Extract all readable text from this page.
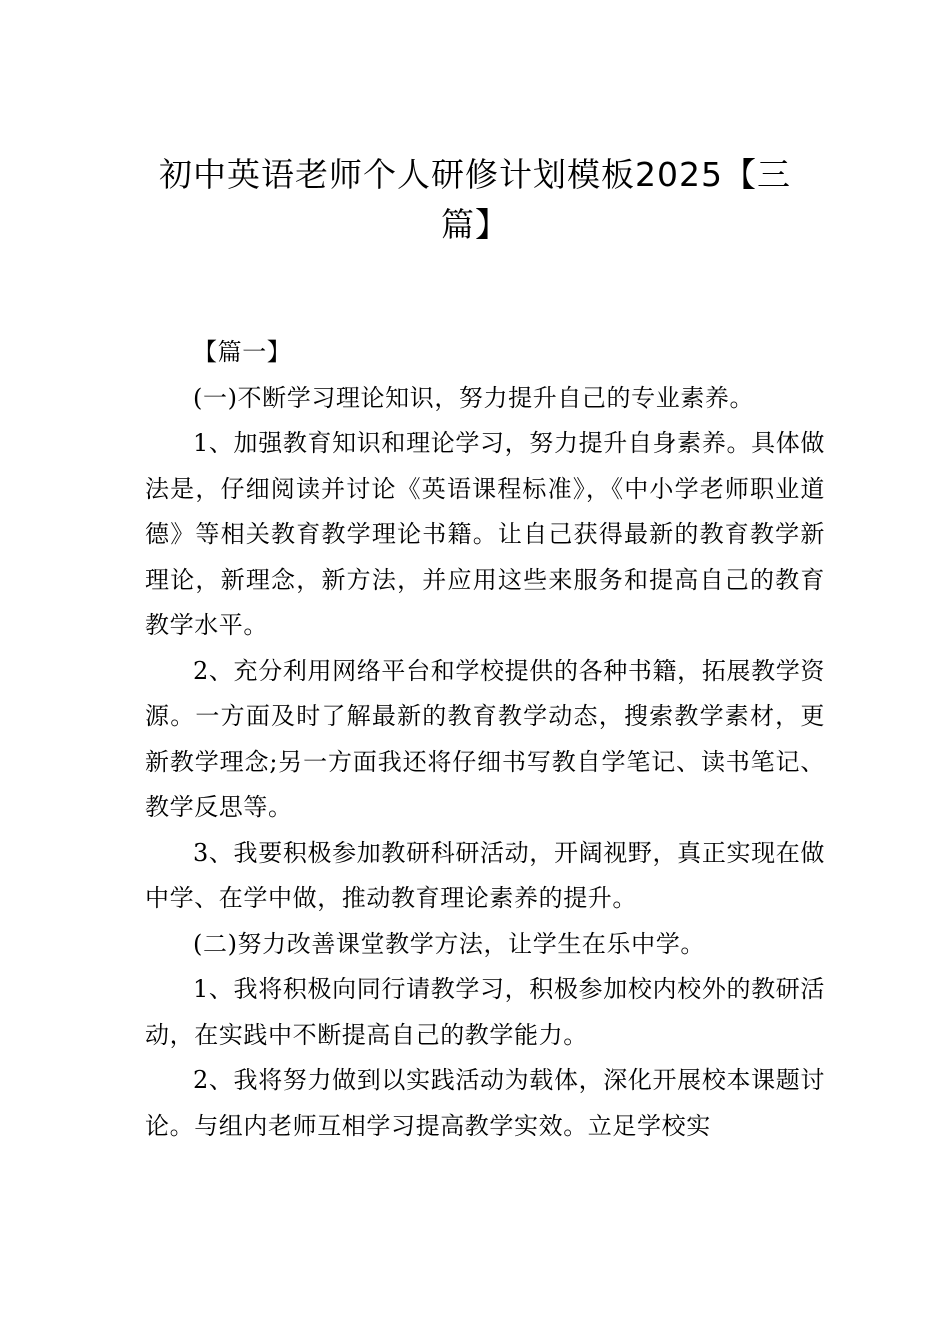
初中英语老师个人研修计划模板2025【三篇】

【篇一】

(一)不断学习理论知识，努力提升自己的专业素养。

1、加强教育知识和理论学习，努力提升自身素养。具体做法是，仔细阅读并讨论《英语课程标准》，《中小学老师职业道德》等相关教育教学理论书籍。让自己获得最新的教育教学新理论，新理念，新方法，并应用这些来服务和提高自己的教育教学水平。

2、充分利用网络平台和学校提供的各种书籍，拓展教学资源。一方面及时了解最新的教育教学动态，搜索教学素材，更新教学理念;另一方面我还将仔细书写教自学笔记、读书笔记、教学反思等。

3、我要积极参加教研科研活动，开阔视野，真正实现在做中学、在学中做，推动教育理论素养的提升。

(二)努力改善课堂教学方法，让学生在乐中学。

1、我将积极向同行请教学习，积极参加校内校外的教研活动，在实践中不断提高自己的教学能力。

2、我将努力做到以实践活动为载体，深化开展校本课题讨论。与组内老师互相学习提高教学实效。立足学校实
